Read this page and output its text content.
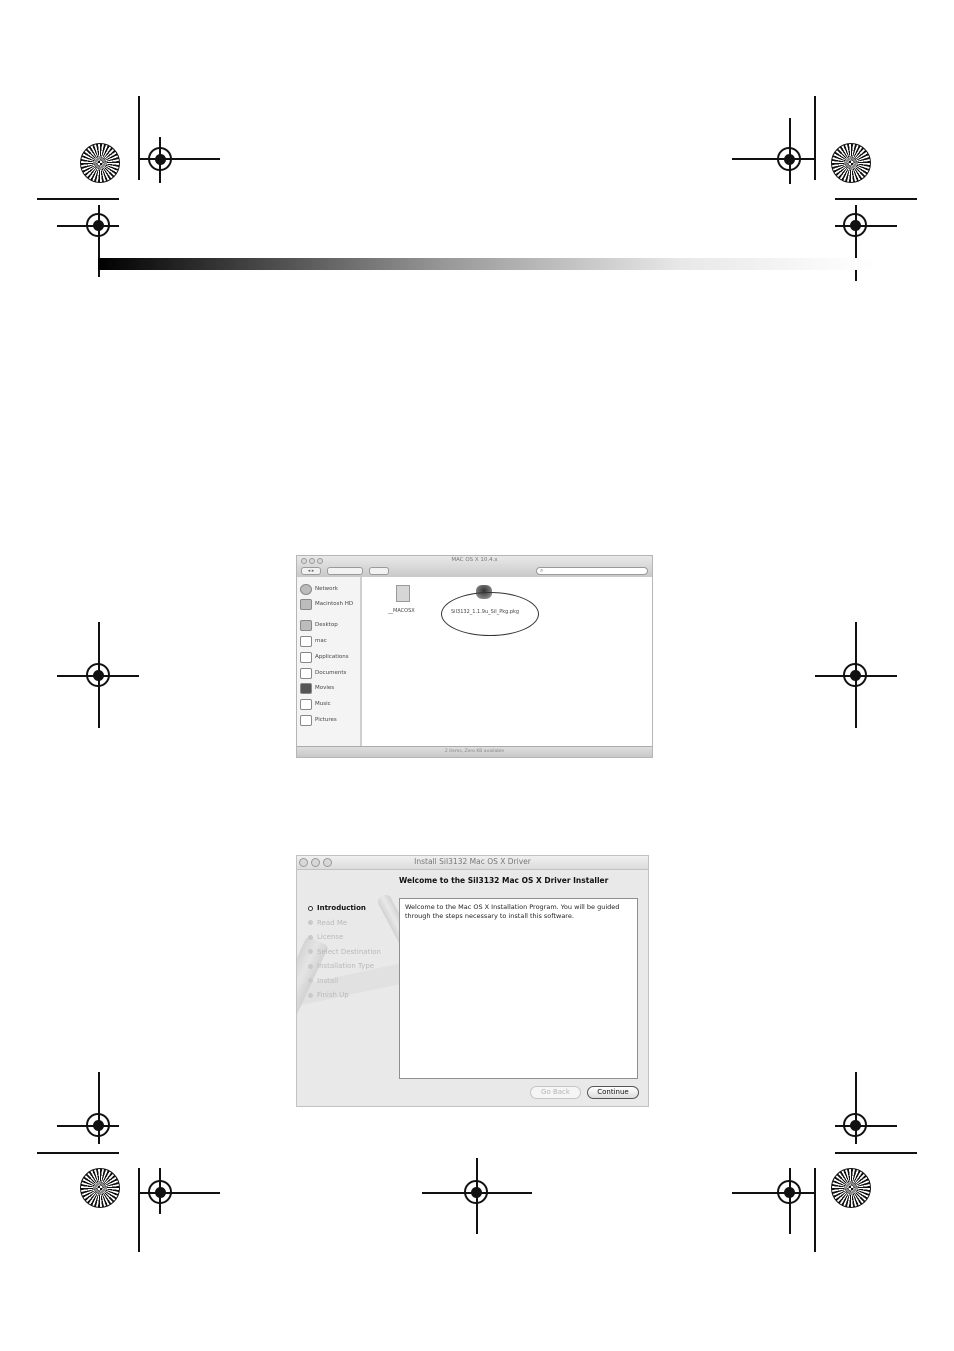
MAC OS X 10.4.x
◂ ▸	⌕
Network
Macintosh HD
Desktop
mac
Applications
Documents
Movies
Music
Pictures
__MACOSX	SiI3132_1.1.9u_SiI_Pkg.pkg
2 items, Zero KB available
Install SiI3132 Mac OS X Driver
Welcome to the SiI3132 Mac OS X Driver Installer
Introduction
Read Me
License
Select Destination
Installation Type
Install
Finish Up
Welcome to the Mac OS X Installation Program. You will be guided through the steps necessary to install this software.
Go Back	Continue
